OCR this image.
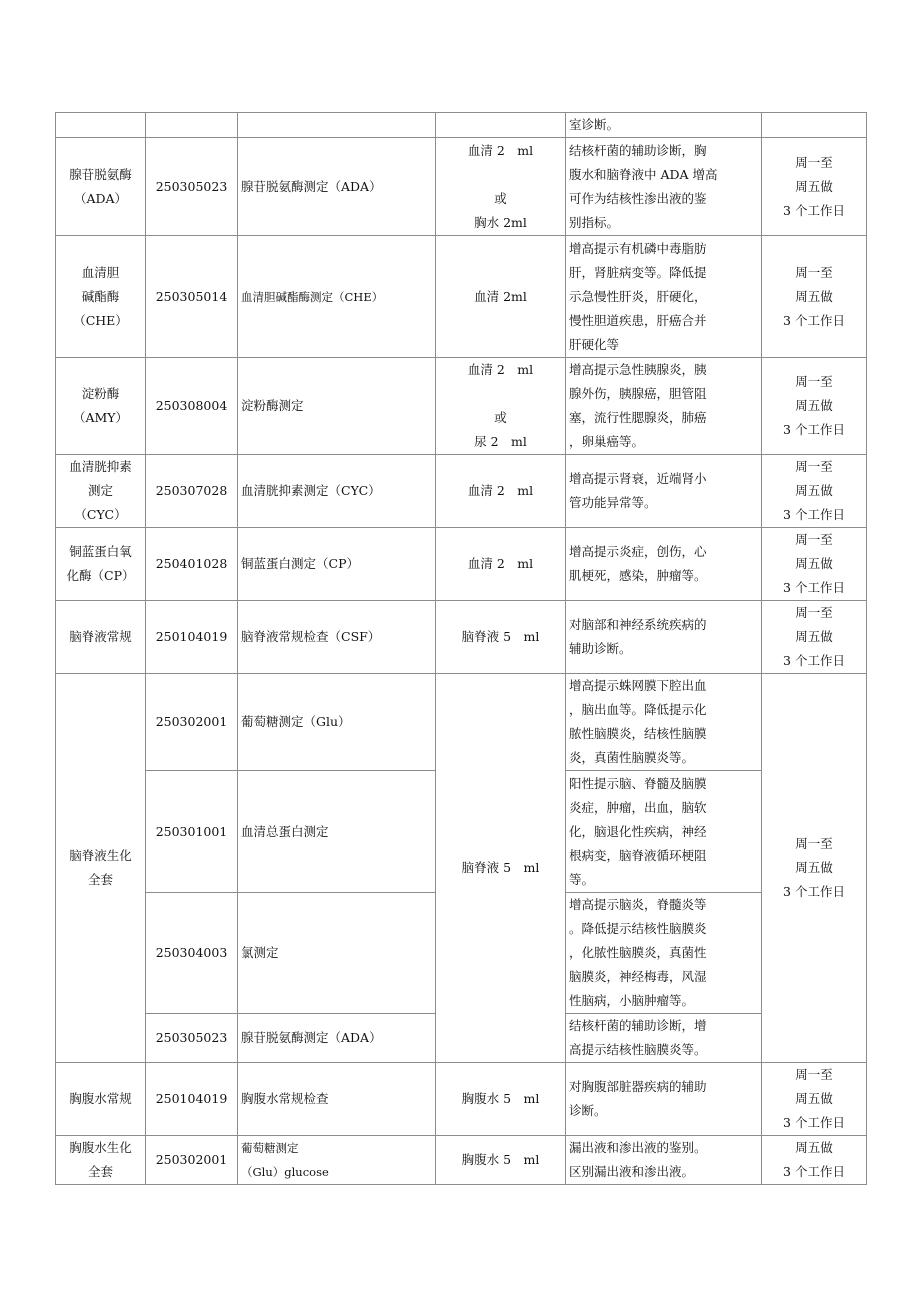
				室诊断。	

腺苷脱氨酶
（ADA）	250305023	腺苷脱氨酶测定（ADA）	血清 2　ml
或
胸水 2ml	结核杆菌的辅助诊断，胸
腹水和脑脊液中 ADA 增高
可作为结核性渗出液的鉴
别指标。	周一至
周五做
3 个工作日

血清胆
碱酯酶
（CHE）	250305014	血清胆碱酯酶测定（CHE）	血清 2ml	增高提示有机磷中毒脂肪
肝，肾脏病变等。降低提
示急慢性肝炎，肝硬化，
慢性胆道疾患，肝癌合并
肝硬化等	周一至
周五做
3 个工作日

淀粉酶
（AMY）	250308004	淀粉酶测定	血清 2　ml
或
尿 2　ml	增高提示急性胰腺炎，胰
腺外伤，胰腺癌，胆管阻
塞，流行性腮腺炎，肺癌
，卵巢癌等。	周一至
周五做
3 个工作日

血清胱抑素
测定
（CYC）	250307028	血清胱抑素测定（CYC）	血清 2　ml	增高提示肾衰，近端肾小
管功能异常等。	周一至
周五做
3 个工作日

铜蓝蛋白氧
化酶（CP）	250401028	铜蓝蛋白测定（CP）	血清 2　ml	增高提示炎症，创伤，心
肌梗死，感染，肿瘤等。	周一至
周五做
3 个工作日

脑脊液常规	250104019	脑脊液常规检查（CSF）	脑脊液 5　ml	对脑部和神经系统疾病的
辅助诊断。	周一至
周五做
3 个工作日

脑脊液生化
全套	250302001	葡萄糖测定（Glu）	脑脊液 5　ml	增高提示蛛网膜下腔出血
，脑出血等。降低提示化
脓性脑膜炎，结核性脑膜
炎，真菌性脑膜炎等。	周一至
周五做
3 个工作日

	250301001	血清总蛋白测定		阳性提示脑、脊髓及脑膜
炎症，肿瘤，出血，脑软
化，脑退化性疾病，神经
根病变，脑脊液循环梗阻
等。	

	250304003	氯测定		增高提示脑炎，脊髓炎等
。降低提示结核性脑膜炎
，化脓性脑膜炎，真菌性
脑膜炎，神经梅毒，风湿
性脑病，小脑肿瘤等。	

	250305023	腺苷脱氨酶测定（ADA）		结核杆菌的辅助诊断，增
高提示结核性脑膜炎等。	

胸腹水常规	250104019	胸腹水常规检查	胸腹水 5　ml	对胸腹部脏器疾病的辅助
诊断。	周一至
周五做
3 个工作日

胸腹水生化
全套	250302001	葡萄糖测定
（Glu）glucose	胸腹水 5　ml	漏出液和渗出液的鉴别。
区别漏出液和渗出液。	周五做
3 个工作日
